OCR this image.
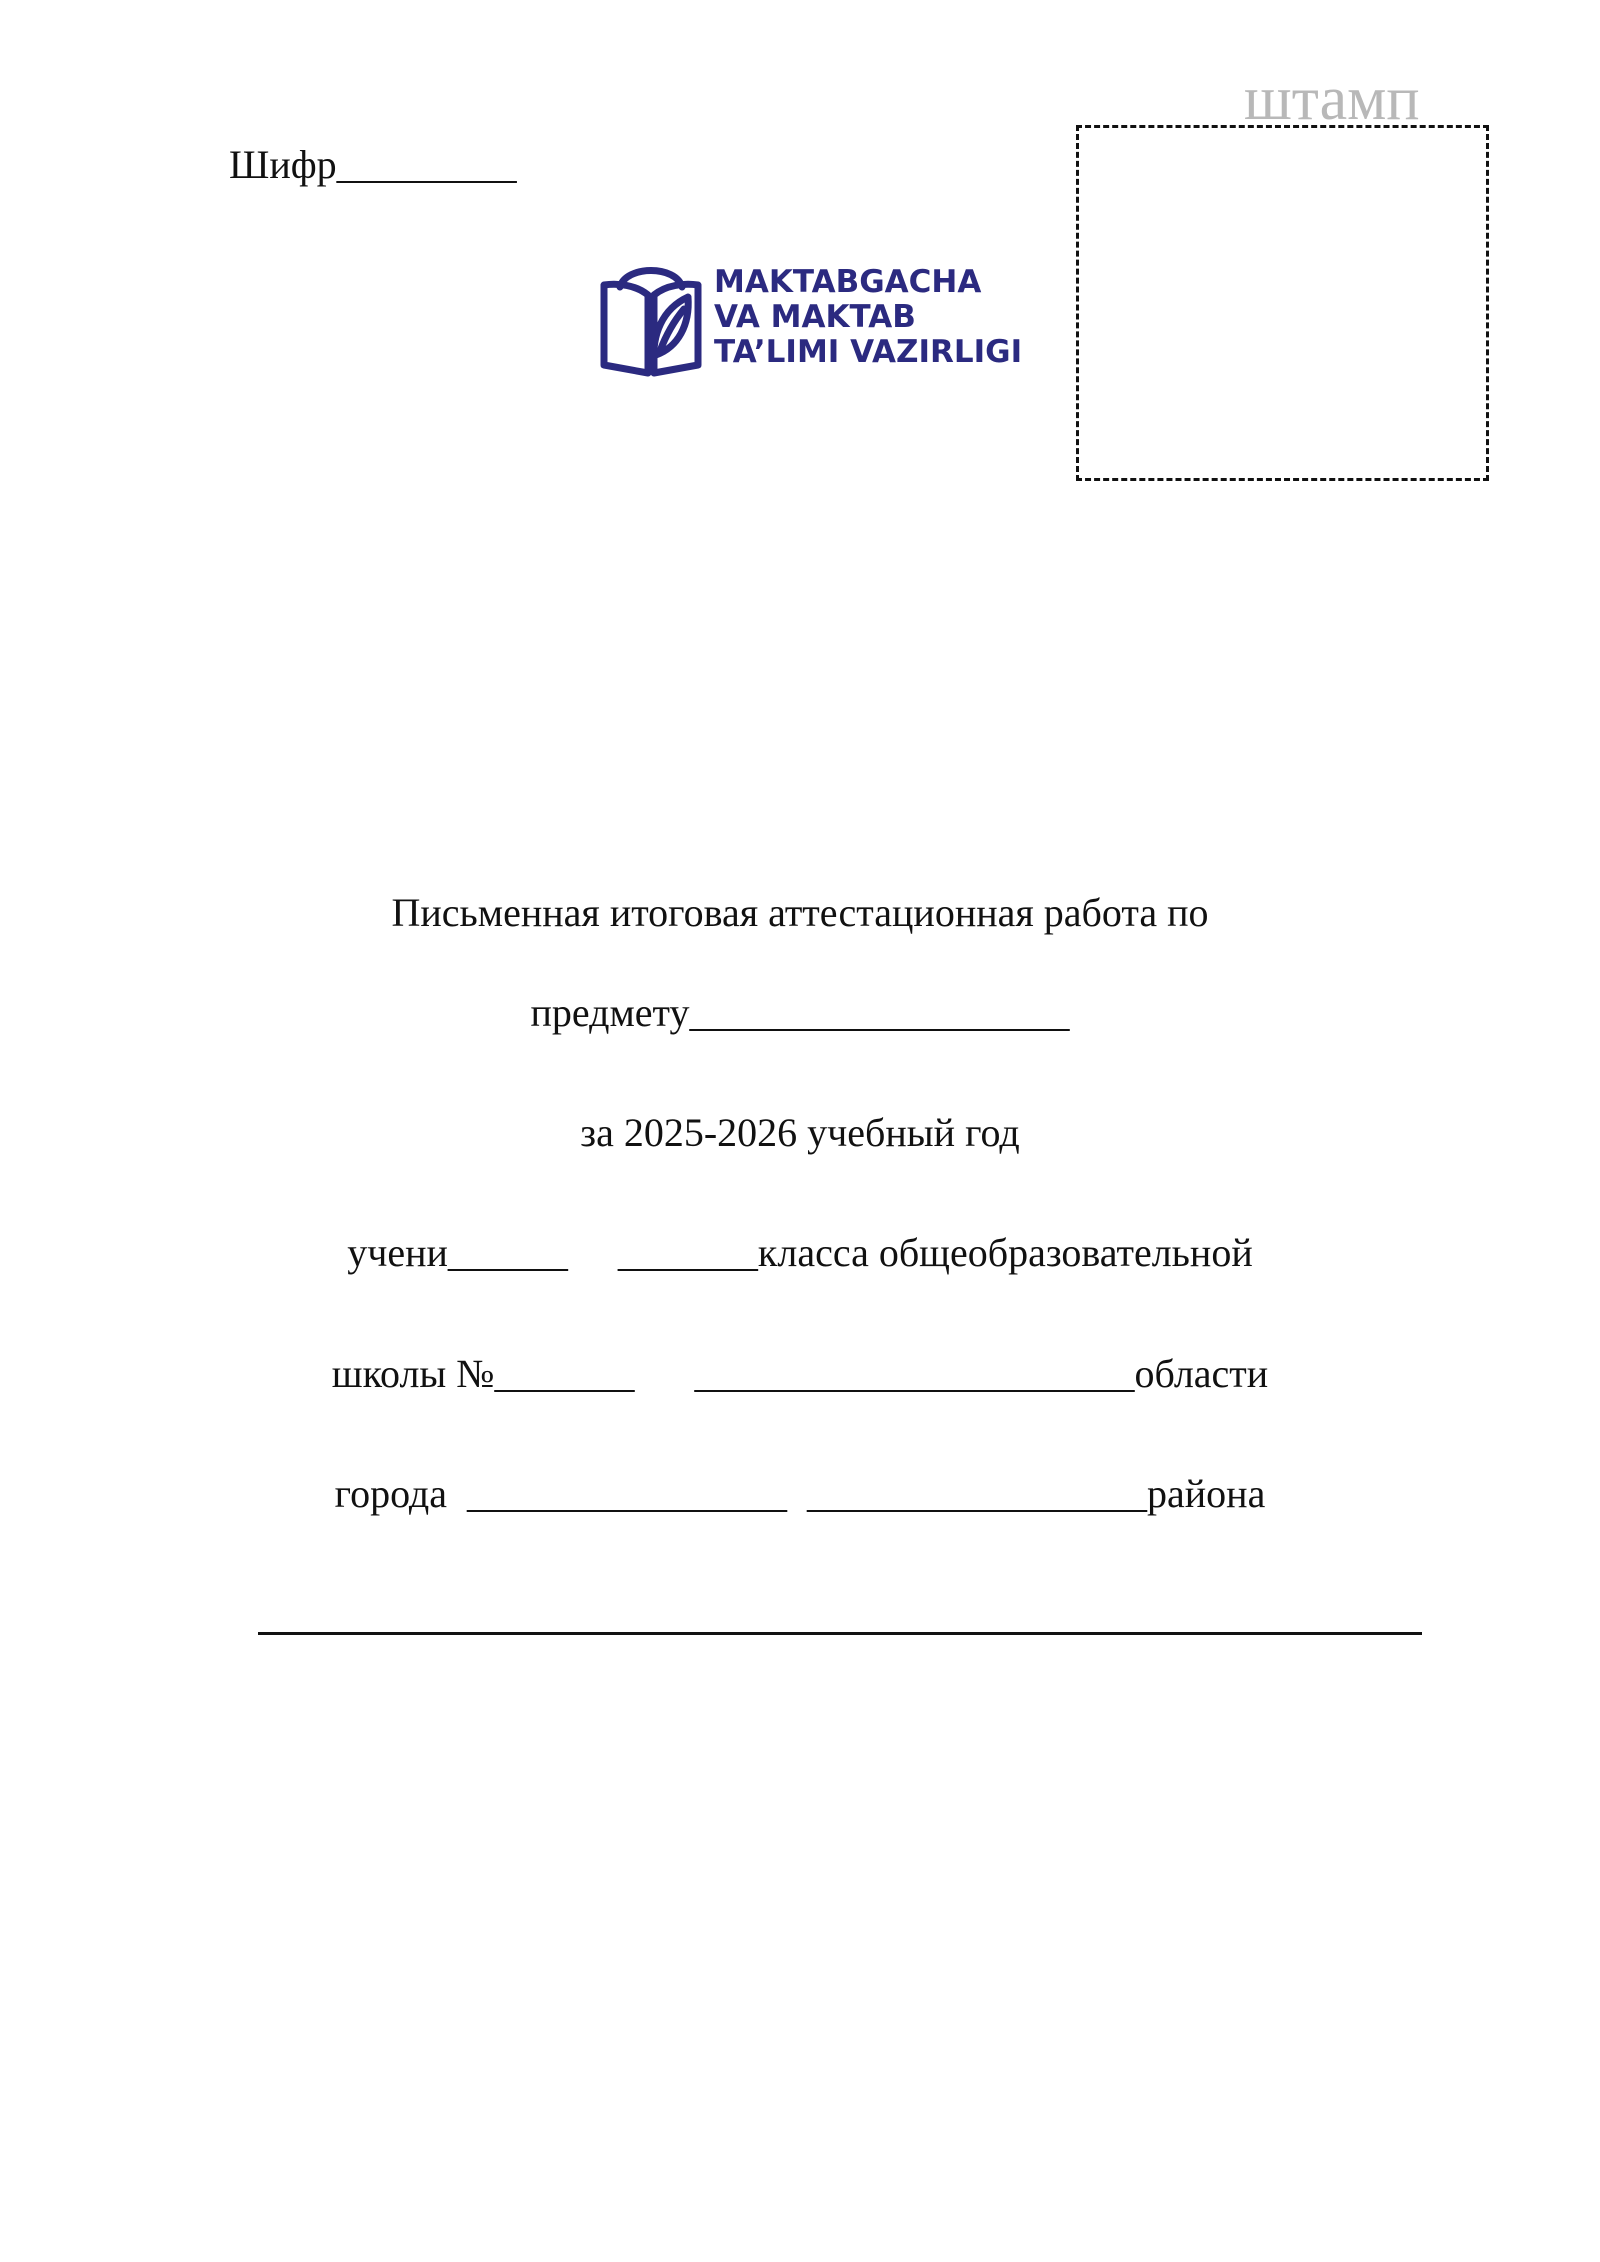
Шифр_________
MAKTABGACHA
VA MAKTAB
TA’LIMI VAZIRLIGI
штамп
Письменная итоговая аттестационная работа по
предмету___________________
за 2025-2026 учебный год
учени______     _______класса общеобразовательной
школы №_______      ______________________области
города  ________________  _________________района
